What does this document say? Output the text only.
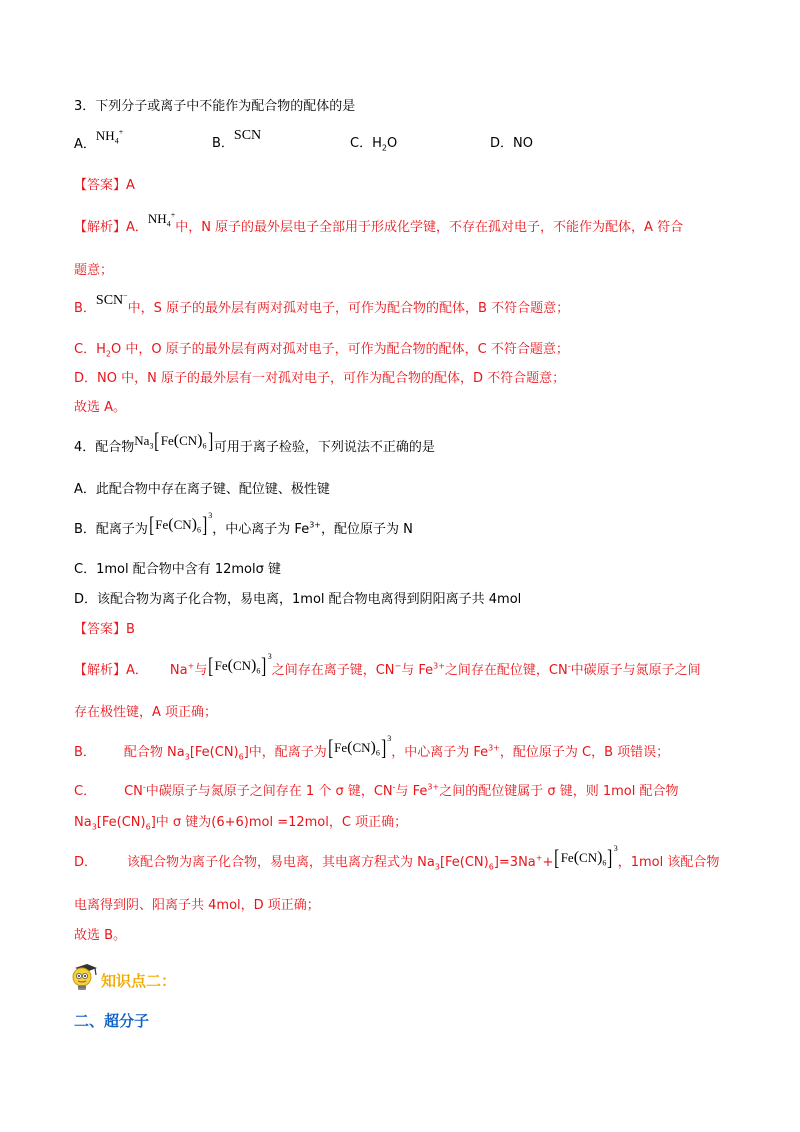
3．下列分子或离子中不能作为配合物的配体的是
A．$NH_4^+$
B．SCN
C．$H_2O$	D．NO
【答案】A
【解析】A．$NH_4^+$中，N 原子的最外层电子全部用于形成化学键，不存在孤对电子，不能作为配体，A 符合
题意；
B．SCN−中，S 原子的最外层有两对孤对电子，可作为配合物的配体，B 不符合题意；
C．$H_2O$ 中，O 原子的最外层有两对孤对电子，可作为配合物的配体，C 不符合题意；
D．NO 中，N 原子的最外层有一对孤对电子，可作为配合物的配体，D 不符合题意；
故选 A。
4．配合物$Na_3[Fe(CN)_6]$可用于离子检验，下列说法不正确的是
A．此配合物中存在离子键、配位键、极性键
B．配离子为$[Fe(CN)_6]^3$，中心离子为 $Fe^{3+}$，配位原子为 N
C．1mol 配合物中含有 12molσ 键
D．该配合物为离子化合物，易电离，1mol 配合物电离得到阴阳离子共 4mol
【答案】B
【解析】A． Na+与$[Fe(CN)_6]^3$之间存在离子键，CN−与 $Fe^{3+}$之间存在配位键，CN-中碳原子与氮原子之间
存在极性键，A 项正确；
B． 配合物 $Na_3[Fe(CN)_6]$中，配离子为$[Fe(CN)_6]^3$，中心离子为 $Fe^{3+}$，配位原子为 C，B 项错误；
C． CN-中碳原子与氮原子之间存在 1 个 σ 键，CN-与 $Fe^{3+}$之间的配位键属于 σ 键，则 1mol 配合物
$Na_3[Fe(CN)_6]$中 σ 键为(6+6)mol =12mol，C 项正确；
D． 该配合物为离子化合物，易电离，其电离方程式为 $Na_3[Fe(CN)_6]=3Na^++[Fe(CN)_6]^3$，1mol 该配合物
电离得到阴、阳离子共 4mol，D 项正确；
故选 B。
知识点二：
二、超分子
